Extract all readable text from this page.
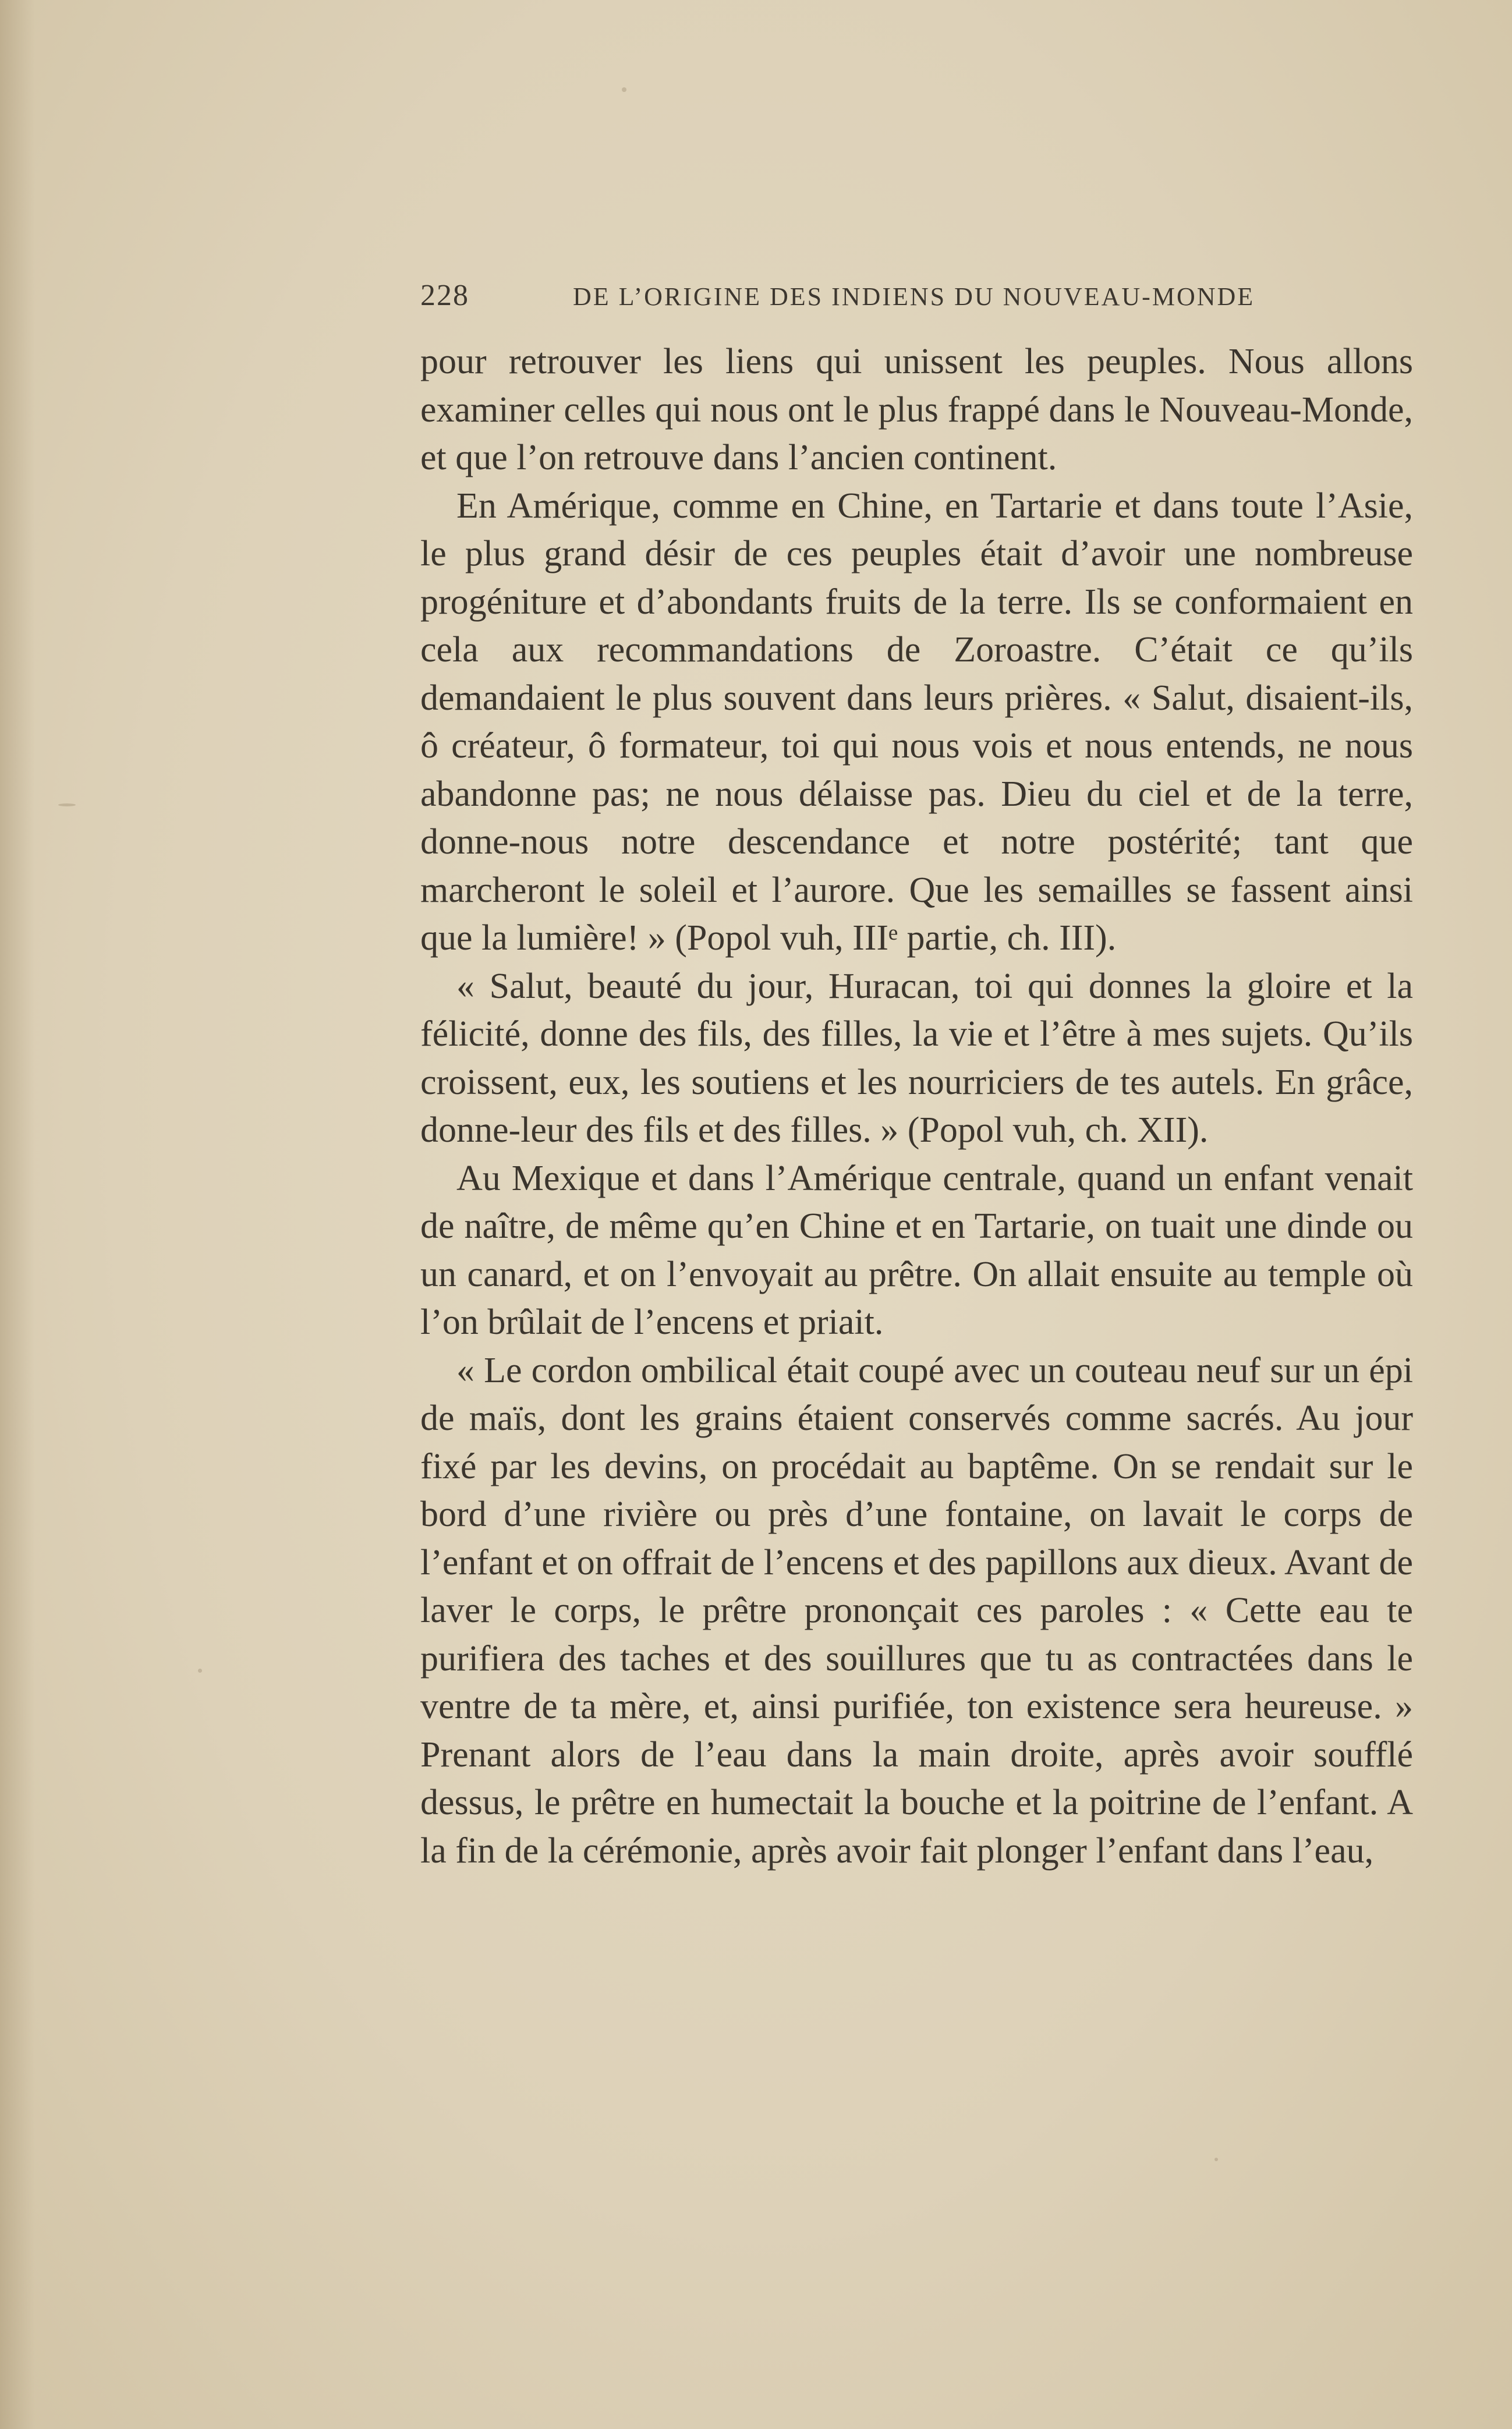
228	DE L’ORIGINE DES INDIENS DU NOUVEAU-MONDE

pour retrouver les liens qui unissent les peuples. Nous allons examiner celles qui nous ont le plus frappé dans le Nouveau-Monde, et que l’on retrouve dans l’ancien continent.

En Amérique, comme en Chine, en Tartarie et dans toute l’Asie, le plus grand désir de ces peuples était d’avoir une nombreuse progéniture et d’abondants fruits de la terre. Ils se conformaient en cela aux recommandations de Zoroastre. C’était ce qu’ils demandaient le plus souvent dans leurs prières. « Salut, disaient-ils, ô créateur, ô formateur, toi qui nous vois et nous entends, ne nous abandonne pas; ne nous délaisse pas. Dieu du ciel et de la terre, donne-nous notre descendance et notre postérité; tant que marcheront le soleil et l’aurore. Que les semailles se fassent ainsi que la lumière! » (Popol vuh, IIIᵉ partie, ch. III).

« Salut, beauté du jour, Huracan, toi qui donnes la gloire et la félicité, donne des fils, des filles, la vie et l’être à mes sujets. Qu’ils croissent, eux, les soutiens et les nourriciers de tes autels. En grâce, donne-leur des fils et des filles. » (Popol vuh, ch. XII).

Au Mexique et dans l’Amérique centrale, quand un enfant venait de naître, de même qu’en Chine et en Tartarie, on tuait une dinde ou un canard, et on l’envoyait au prêtre. On allait ensuite au temple où l’on brûlait de l’encens et priait.

« Le cordon ombilical était coupé avec un couteau neuf sur un épi de maïs, dont les grains étaient conservés comme sacrés. Au jour fixé par les devins, on procédait au baptême. On se rendait sur le bord d’une rivière ou près d’une fontaine, on lavait le corps de l’enfant et on offrait de l’encens et des papillons aux dieux. Avant de laver le corps, le prêtre prononçait ces paroles : « Cette eau te purifiera des taches et des souillures que tu as contractées dans le ventre de ta mère, et, ainsi purifiée, ton existence sera heureuse. » Prenant alors de l’eau dans la main droite, après avoir soufflé dessus, le prêtre en humectait la bouche et la poitrine de l’enfant. A la fin de la cérémonie, après avoir fait plonger l’enfant dans l’eau,
